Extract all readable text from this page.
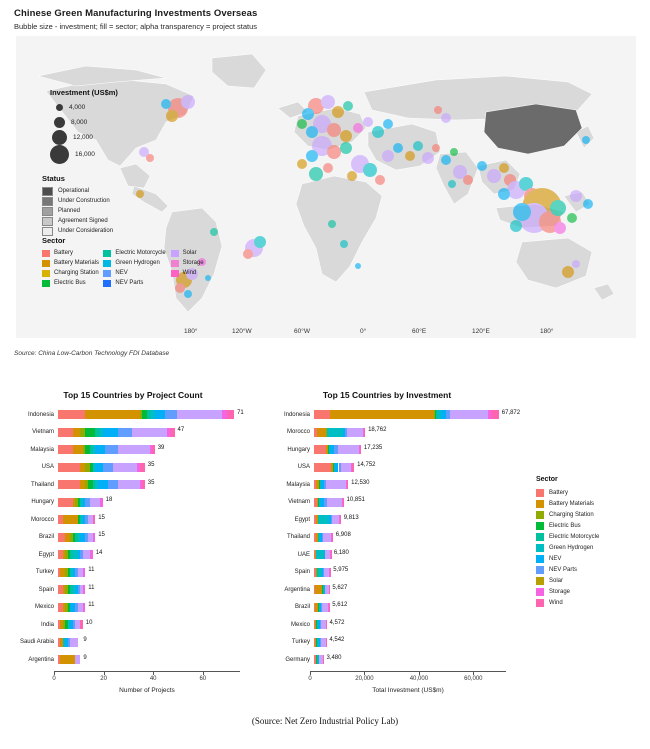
Chinese Green Manufacturing Investments Overseas
Bubble size - investment; fill = sector; alpha transparency = project status
Investment (US$m)
4,000
8,000
12,000
16,000
Status
Operational
Under Construction
Planned
Agreement Signed
Under Consideration
Sector
Battery
Battery Materials
Charging Station
Electric Bus
Electric Motorcycle
Green Hydrogen
NEV
NEV Parts
Solar
Storage
Wind
180°	120°W	60°W	0°	60°E	120°E	180°
Source: China Low-Carbon Technology FDI Database
Top 15 Countries by Project Count	Top 15 Countries by Investment
Indonesia	71
Vietnam	47
Malaysia	39
USA	35
Thailand	35
Hungary	18
Morocco	15
Brazil	15
Egypt	14
Turkey	11
Spain	11
Mexico	11
India	10
Saudi Arabia	9
Argentina	9
0	20	40	60
Number of Projects
Indonesia	67,872
Morocco	18,762
Hungary	17,235
USA	14,752
Malaysia	12,530
Vietnam	10,851
Egypt	9,813
Thailand	6,908
UAE	6,180
Spain	5,975
Argentina	5,627
Brazil	5,612
Mexico	4,572
Turkey	4,542
Germany	3,480
0	20,000	40,000	60,000
Total Investment (US$m)
Sector
Battery
Battery Materials
Charging Station
Electric Bus
Electric Motorcycle
Green Hydrogen
NEV
NEV Parts
Solar
Storage
Wind
(Source: Net Zero Industrial Policy Lab)
